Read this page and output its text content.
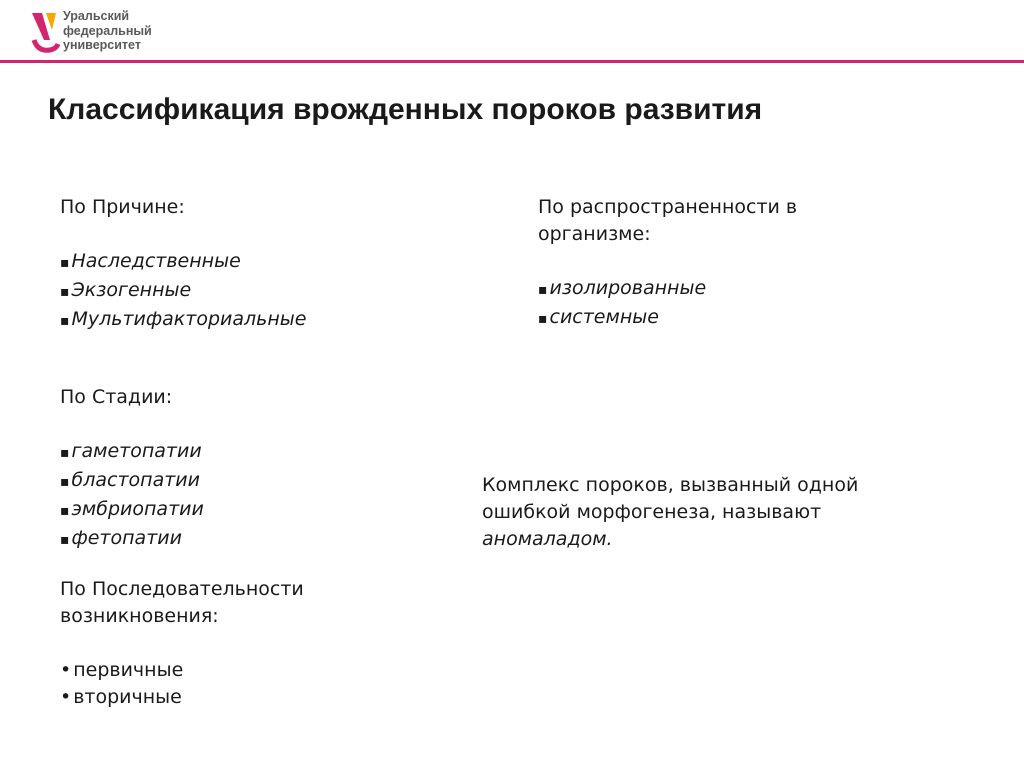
Уральский
федеральный
университет
Классификация врожденных пороков развития
По Причине:
▪ Наследственные
▪ Экзогенные
▪ Мультифакториальные
По Стадии:
▪ гаметопатии
▪ бластопатии
▪ эмбриопатии
▪ фетопатии
По Последовательности
возникновения:
• первичные
• вторичные
По распространенности в
организме:
▪ изолированные
▪ системные
Комплекс пороков, вызванный одной
ошибкой морфогенеза, называют
аномаладом.
